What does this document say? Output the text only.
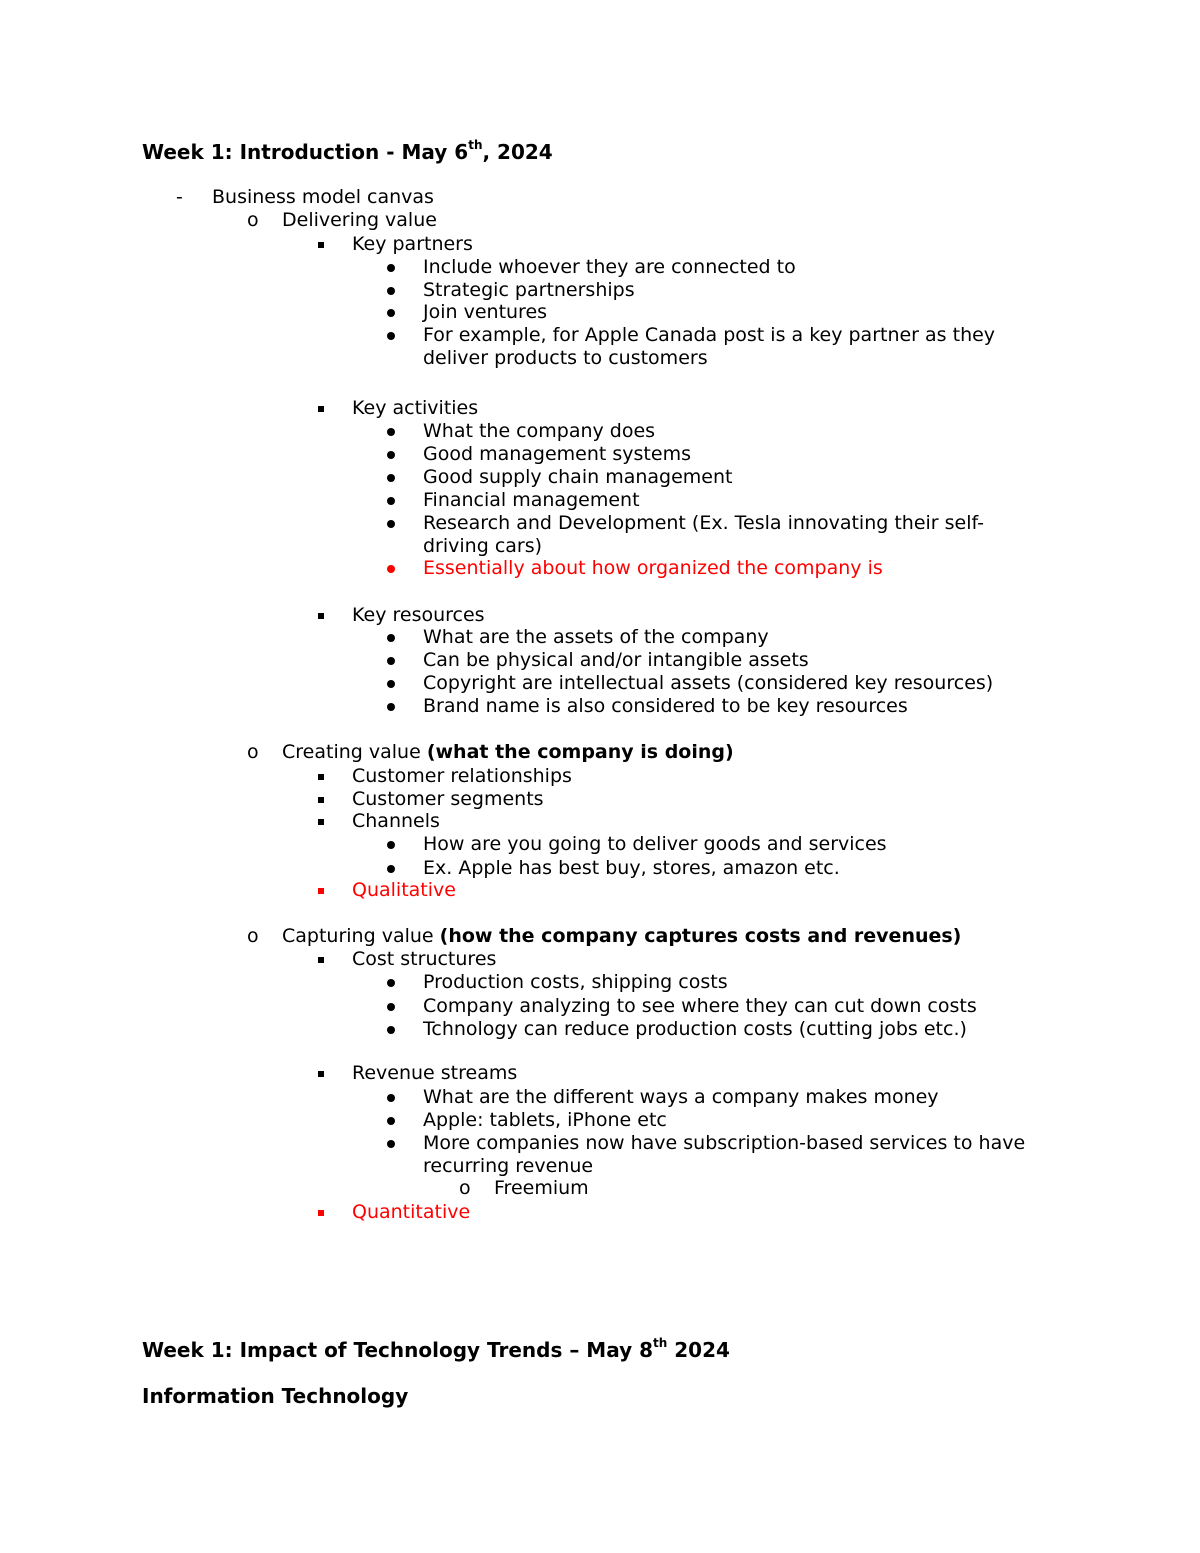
Week 1: Introduction - May 6th, 2024
- Business model canvas
o Delivering value
Key partners
Include whoever they are connected to
Strategic partnerships
Join ventures
For example, for Apple Canada post is a key partner as they
deliver products to customers
Key activities
What the company does
Good management systems
Good supply chain management
Financial management
Research and Development (Ex. Tesla innovating their self-
driving cars)
Essentially about how organized the company is
Key resources
What are the assets of the company
Can be physical and/or intangible assets
Copyright are intellectual assets (considered key resources)
Brand name is also considered to be key resources
o Creating value (what the company is doing)
Customer relationships
Customer segments
Channels
How are you going to deliver goods and services
Ex. Apple has best buy, stores, amazon etc.
Qualitative
o Capturing value (how the company captures costs and revenues)
Cost structures
Production costs, shipping costs
Company analyzing to see where they can cut down costs
Tchnology can reduce production costs (cutting jobs etc.)
Revenue streams
What are the different ways a company makes money
Apple: tablets, iPhone etc
More companies now have subscription-based services to have
recurring revenue
o Freemium
Quantitative
Week 1: Impact of Technology Trends – May 8th 2024
Information Technology
